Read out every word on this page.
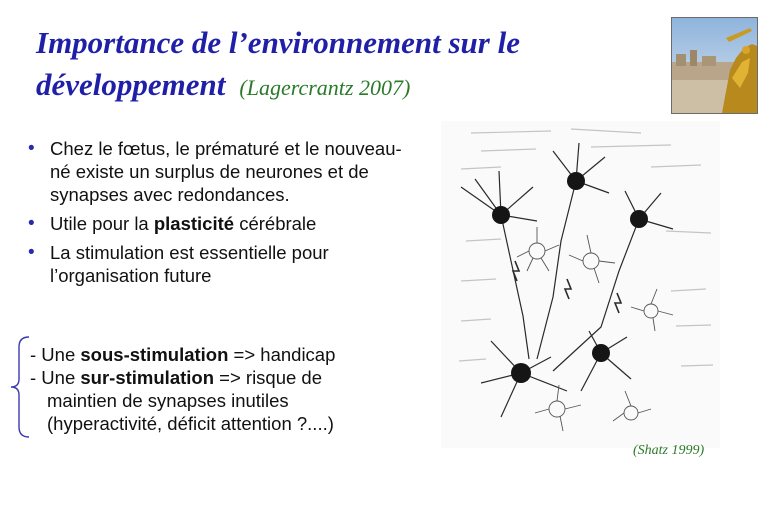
Importance de l’environnement sur le
développement (Lagercrantz 2007)
• Chez le fœtus, le prématuré et le nouveau-né existe un surplus de neurones et de synapses avec redondances.
• Utile pour la plasticité cérébrale
• La stimulation est essentielle pour l’organisation future
- Une sous-stimulation => handicap
- Une sur-stimulation => risque de
maintien de synapses inutiles
(hyperactivité, déficit attention ?....)
(Shatz 1999)
